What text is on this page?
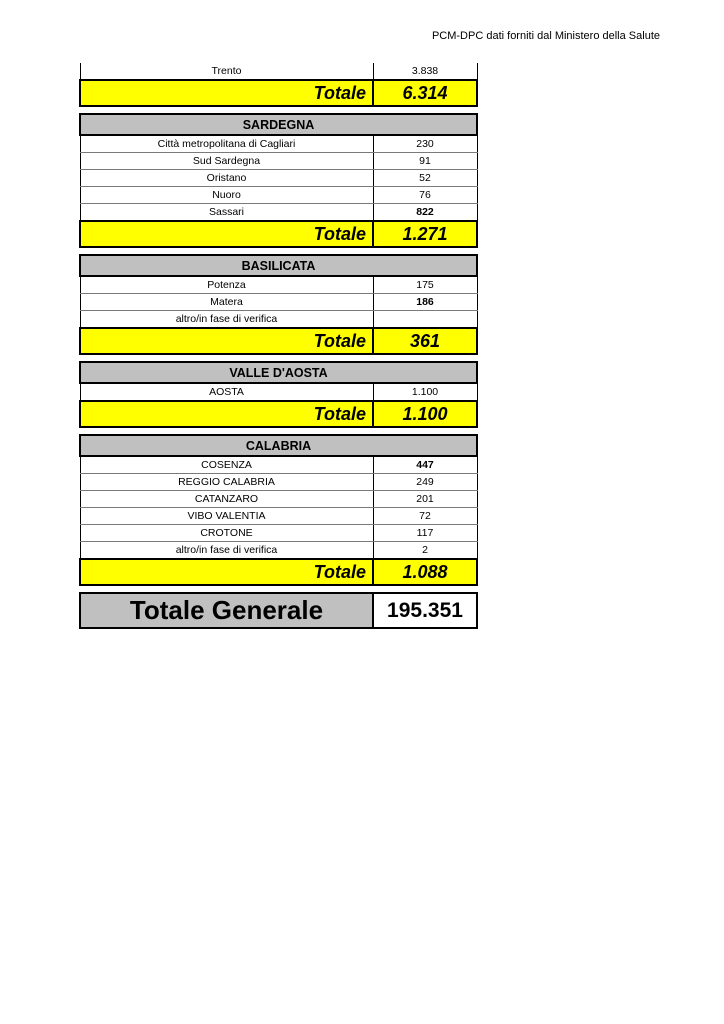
PCM-DPC dati forniti dal Ministero della Salute
Trento	3.838
Totale	6.314

SARDEGNA	
Città metropolitana di Cagliari	230
Sud Sardegna	91
Oristano	52
Nuoro	76
Sassari	822
Totale	1.271

BASILICATA	
Potenza	175
Matera	186
altro/in fase di verifica	
Totale	361

VALLE D'AOSTA	
AOSTA	1.100
Totale	1.100

CALABRIA	
COSENZA	447
REGGIO CALABRIA	249
CATANZARO	201
VIBO VALENTIA	72
CROTONE	117
altro/in fase di verifica	2
Totale	1.088

Totale Generale	195.351
